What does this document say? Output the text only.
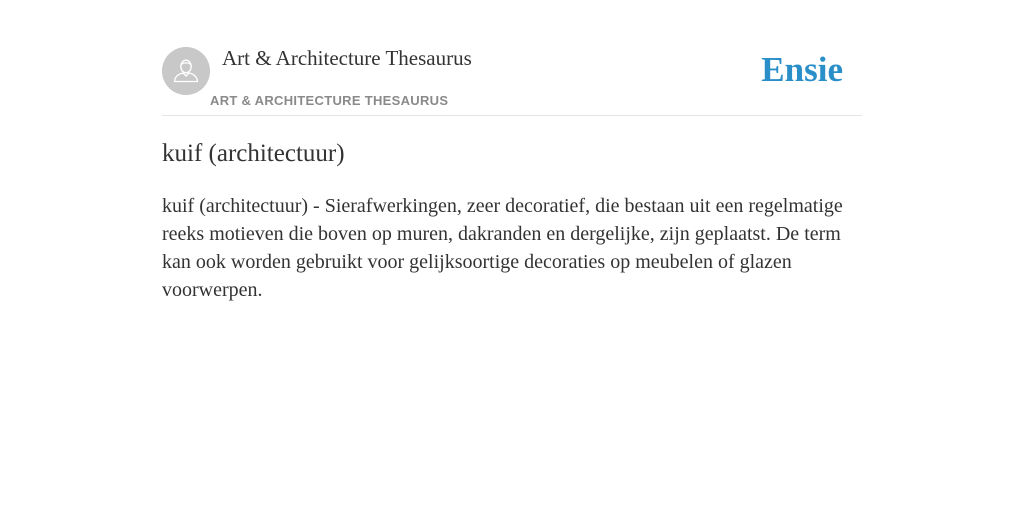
Art & Architecture Thesaurus
ART & ARCHITECTURE THESAURUS
Ensie
kuif (architectuur)

kuif (architectuur) - Sierafwerkingen, zeer decoratief, die bestaan uit een regelmatige reeks motieven die boven op muren, dakranden en dergelijke, zijn geplaatst. De term kan ook worden gebruikt voor gelijksoortige decoraties op meubelen of glazen voorwerpen.
